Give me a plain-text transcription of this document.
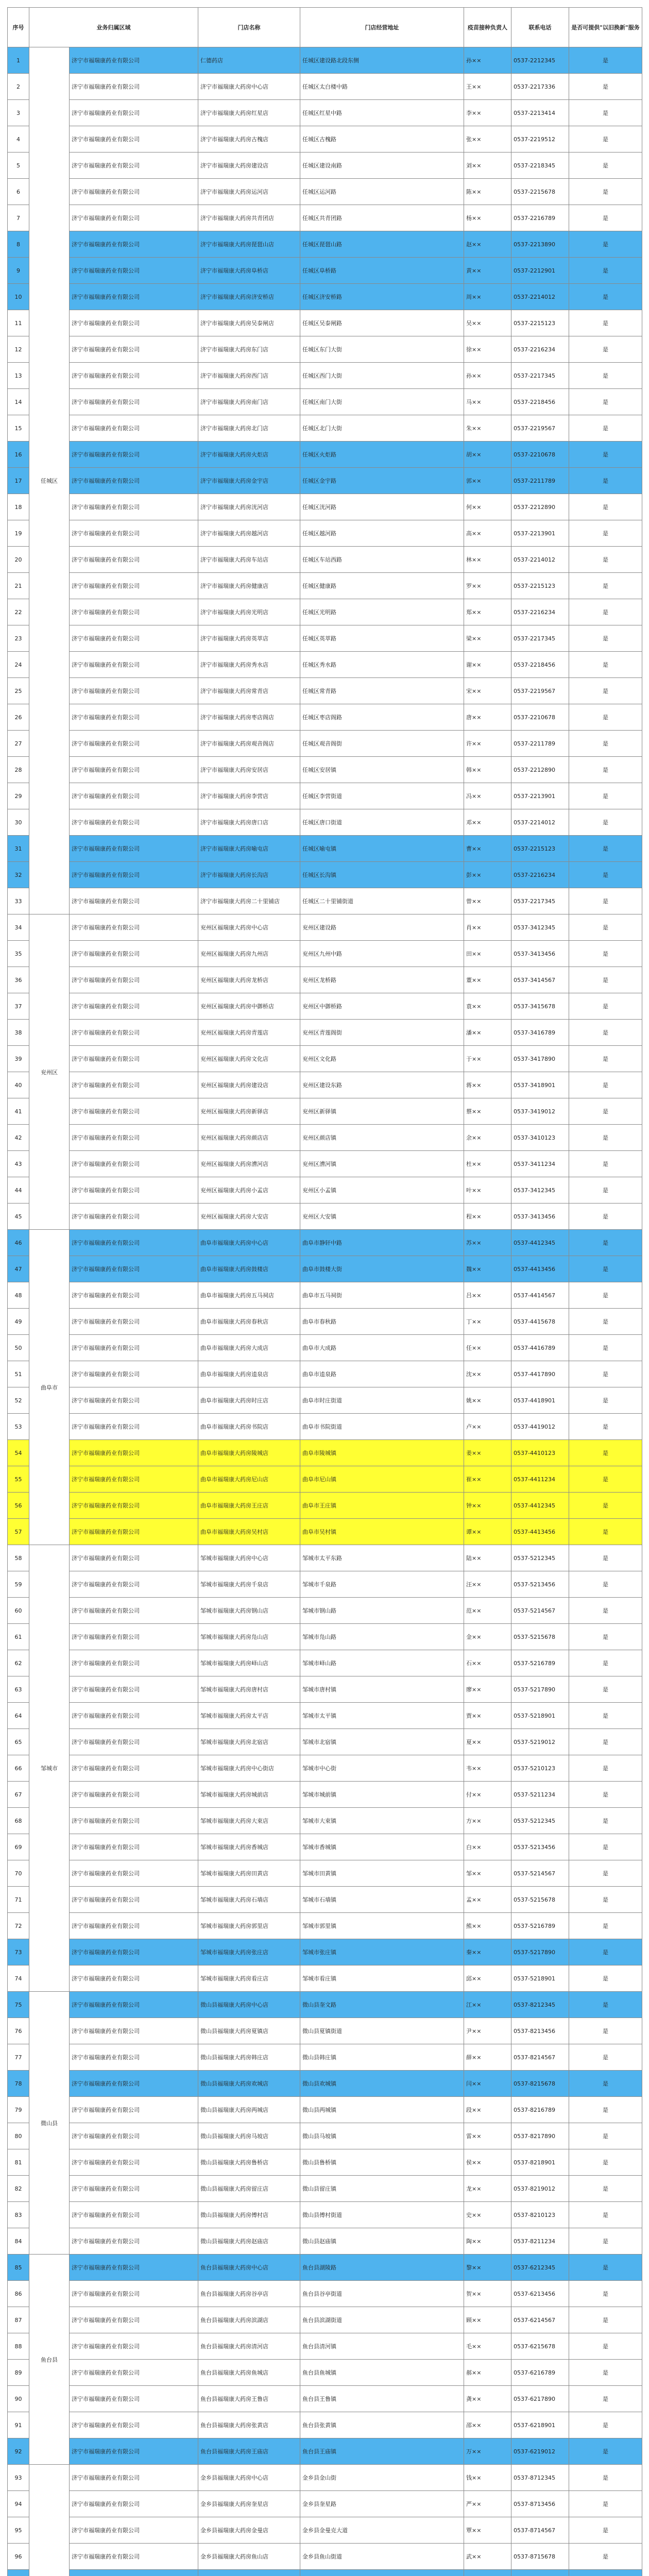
序号	业务归属区域		门店名称	门店经营地址	疫苗接种负责人	联系电话	是否可提供"以旧换新"服务
1	任城区	济宁市福瑞康药业有限公司	仁德药店	任城区建设路北段东侧	孙××	0537-2212345	是
2		济宁市福瑞康药业有限公司	济宁市福瑞康大药房中心店	任城区太白楼中路	王××	0537-2217336	是
3		济宁市福瑞康药业有限公司	济宁市福瑞康大药房红星店	任城区红星中路	李××	0537-2213414	是
4		济宁市福瑞康药业有限公司	济宁市福瑞康大药房古槐店	任城区古槐路	张××	0537-2219512	是
5		济宁市福瑞康药业有限公司	济宁市福瑞康大药房建设店	任城区建设南路	刘××	0537-2218345	是
6		济宁市福瑞康药业有限公司	济宁市福瑞康大药房运河店	任城区运河路	陈××	0537-2215678	是
7		济宁市福瑞康药业有限公司	济宁市福瑞康大药房共青团店	任城区共青团路	杨××	0537-2216789	是
8		济宁市福瑞康药业有限公司	济宁市福瑞康大药房琵琶山店	任城区琵琶山路	赵××	0537-2213890	是
9		济宁市福瑞康药业有限公司	济宁市福瑞康大药房阜桥店	任城区阜桥路	黄××	0537-2212901	是
10		济宁市福瑞康药业有限公司	济宁市福瑞康大药房济安桥店	任城区济安桥路	周××	0537-2214012	是
11		济宁市福瑞康药业有限公司	济宁市福瑞康大药房吴泰闸店	任城区吴泰闸路	吴××	0537-2215123	是
12		济宁市福瑞康药业有限公司	济宁市福瑞康大药房东门店	任城区东门大街	徐××	0537-2216234	是
13		济宁市福瑞康药业有限公司	济宁市福瑞康大药房西门店	任城区西门大街	孙××	0537-2217345	是
14		济宁市福瑞康药业有限公司	济宁市福瑞康大药房南门店	任城区南门大街	马××	0537-2218456	是
15		济宁市福瑞康药业有限公司	济宁市福瑞康大药房北门店	任城区北门大街	朱××	0537-2219567	是
16		济宁市福瑞康药业有限公司	济宁市福瑞康大药房火炬店	任城区火炬路	胡××	0537-2210678	是
17		济宁市福瑞康药业有限公司	济宁市福瑞康大药房金宇店	任城区金宇路	郭××	0537-2211789	是
18		济宁市福瑞康药业有限公司	济宁市福瑞康大药房洸河店	任城区洸河路	何××	0537-2212890	是
19		济宁市福瑞康药业有限公司	济宁市福瑞康大药房越河店	任城区越河路	高××	0537-2213901	是
20		济宁市福瑞康药业有限公司	济宁市福瑞康大药房车站店	任城区车站西路	林××	0537-2214012	是
21		济宁市福瑞康药业有限公司	济宁市福瑞康大药房健康店	任城区健康路	罗××	0537-2215123	是
22		济宁市福瑞康药业有限公司	济宁市福瑞康大药房光明店	任城区光明路	郑××	0537-2216234	是
23		济宁市福瑞康药业有限公司	济宁市福瑞康大药房英萃店	任城区英萃路	梁××	0537-2217345	是
24		济宁市福瑞康药业有限公司	济宁市福瑞康大药房秀水店	任城区秀水路	谢××	0537-2218456	是
25		济宁市福瑞康药业有限公司	济宁市福瑞康大药房常青店	任城区常青路	宋××	0537-2219567	是
26		济宁市福瑞康药业有限公司	济宁市福瑞康大药房枣店阁店	任城区枣店阁路	唐××	0537-2210678	是
27		济宁市福瑞康药业有限公司	济宁市福瑞康大药房观音阁店	任城区观音阁街	许××	0537-2211789	是
28		济宁市福瑞康药业有限公司	济宁市福瑞康大药房安居店	任城区安居镇	韩××	0537-2212890	是
29		济宁市福瑞康药业有限公司	济宁市福瑞康大药房李营店	任城区李营街道	冯××	0537-2213901	是
30		济宁市福瑞康药业有限公司	济宁市福瑞康大药房唐口店	任城区唐口街道	邓××	0537-2214012	是
31		济宁市福瑞康药业有限公司	济宁市福瑞康大药房喻屯店	任城区喻屯镇	曹××	0537-2215123	是
32		济宁市福瑞康药业有限公司	济宁市福瑞康大药房长沟店	任城区长沟镇	彭××	0537-2216234	是
33		济宁市福瑞康药业有限公司	济宁市福瑞康大药房二十里铺店	任城区二十里铺街道	曾××	0537-2217345	是
34	兖州区	济宁市福瑞康药业有限公司	兖州区福瑞康大药房中心店	兖州区建设路	肖××	0537-3412345	是
35		济宁市福瑞康药业有限公司	兖州区福瑞康大药房九州店	兖州区九州中路	田××	0537-3413456	是
36		济宁市福瑞康药业有限公司	兖州区福瑞康大药房龙桥店	兖州区龙桥路	董××	0537-3414567	是
37		济宁市福瑞康药业有限公司	兖州区福瑞康大药房中御桥店	兖州区中御桥路	袁××	0537-3415678	是
38		济宁市福瑞康药业有限公司	兖州区福瑞康大药房青莲店	兖州区青莲阁街	潘××	0537-3416789	是
39		济宁市福瑞康药业有限公司	兖州区福瑞康大药房文化店	兖州区文化路	于××	0537-3417890	是
40		济宁市福瑞康药业有限公司	兖州区福瑞康大药房建设店	兖州区建设东路	蒋××	0537-3418901	是
41		济宁市福瑞康药业有限公司	兖州区福瑞康大药房新驿店	兖州区新驿镇	蔡××	0537-3419012	是
42		济宁市福瑞康药业有限公司	兖州区福瑞康大药房颜店店	兖州区颜店镇	余××	0537-3410123	是
43		济宁市福瑞康药业有限公司	兖州区福瑞康大药房漕河店	兖州区漕河镇	杜××	0537-3411234	是
44		济宁市福瑞康药业有限公司	兖州区福瑞康大药房小孟店	兖州区小孟镇	叶××	0537-3412345	是
45		济宁市福瑞康药业有限公司	兖州区福瑞康大药房大安店	兖州区大安镇	程××	0537-3413456	是
46	曲阜市	济宁市福瑞康药业有限公司	曲阜市福瑞康大药房中心店	曲阜市静轩中路	苏××	0537-4412345	是
47		济宁市福瑞康药业有限公司	曲阜市福瑞康大药房鼓楼店	曲阜市鼓楼大街	魏××	0537-4413456	是
48		济宁市福瑞康药业有限公司	曲阜市福瑞康大药房五马祠店	曲阜市五马祠街	吕××	0537-4414567	是
49		济宁市福瑞康药业有限公司	曲阜市福瑞康大药房春秋店	曲阜市春秋路	丁××	0537-4415678	是
50		济宁市福瑞康药业有限公司	曲阜市福瑞康大药房大成店	曲阜市大成路	任××	0537-4416789	是
51		济宁市福瑞康药业有限公司	曲阜市福瑞康大药房逵泉店	曲阜市逵泉路	沈××	0537-4417890	是
52		济宁市福瑞康药业有限公司	曲阜市福瑞康大药房时庄店	曲阜市时庄街道	姚××	0537-4418901	是
53		济宁市福瑞康药业有限公司	曲阜市福瑞康大药房书院店	曲阜市书院街道	卢××	0537-4419012	是
54		济宁市福瑞康药业有限公司	曲阜市福瑞康大药房陵城店	曲阜市陵城镇	姜××	0537-4410123	是
55		济宁市福瑞康药业有限公司	曲阜市福瑞康大药房尼山店	曲阜市尼山镇	崔××	0537-4411234	是
56		济宁市福瑞康药业有限公司	曲阜市福瑞康大药房王庄店	曲阜市王庄镇	钟××	0537-4412345	是
57		济宁市福瑞康药业有限公司	曲阜市福瑞康大药房吴村店	曲阜市吴村镇	谭××	0537-4413456	是
58	邹城市	济宁市福瑞康药业有限公司	邹城市福瑞康大药房中心店	邹城市太平东路	陆××	0537-5212345	是
59		济宁市福瑞康药业有限公司	邹城市福瑞康大药房千泉店	邹城市千泉路	汪××	0537-5213456	是
60		济宁市福瑞康药业有限公司	邹城市福瑞康大药房钢山店	邹城市钢山路	范××	0537-5214567	是
61		济宁市福瑞康药业有限公司	邹城市福瑞康大药房凫山店	邹城市凫山路	金××	0537-5215678	是
62		济宁市福瑞康药业有限公司	邹城市福瑞康大药房峄山店	邹城市峄山路	石××	0537-5216789	是
63		济宁市福瑞康药业有限公司	邹城市福瑞康大药房唐村店	邹城市唐村镇	廖××	0537-5217890	是
64		济宁市福瑞康药业有限公司	邹城市福瑞康大药房太平店	邹城市太平镇	贾××	0537-5218901	是
65		济宁市福瑞康药业有限公司	邹城市福瑞康大药房北宿店	邹城市北宿镇	夏××	0537-5219012	是
66		济宁市福瑞康药业有限公司	邹城市福瑞康大药房中心街店	邹城市中心街	韦××	0537-5210123	是
67		济宁市福瑞康药业有限公司	邹城市福瑞康大药房城前店	邹城市城前镇	付××	0537-5211234	是
68		济宁市福瑞康药业有限公司	邹城市福瑞康大药房大束店	邹城市大束镇	方××	0537-5212345	是
69		济宁市福瑞康药业有限公司	邹城市福瑞康大药房香城店	邹城市香城镇	白××	0537-5213456	是
70		济宁市福瑞康药业有限公司	邹城市福瑞康大药房田黄店	邹城市田黄镇	邹××	0537-5214567	是
71		济宁市福瑞康药业有限公司	邹城市福瑞康大药房石墙店	邹城市石墙镇	孟××	0537-5215678	是
72		济宁市福瑞康药业有限公司	邹城市福瑞康大药房郭里店	邹城市郭里镇	熊××	0537-5216789	是
73		济宁市福瑞康药业有限公司	邹城市福瑞康大药房张庄店	邹城市张庄镇	秦××	0537-5217890	是
74		济宁市福瑞康药业有限公司	邹城市福瑞康大药房看庄店	邹城市看庄镇	邱××	0537-5218901	是
75	微山县	济宁市福瑞康药业有限公司	微山县福瑞康大药房中心店	微山县奎文路	江××	0537-8212345	是
76		济宁市福瑞康药业有限公司	微山县福瑞康大药房夏镇店	微山县夏镇街道	尹××	0537-8213456	是
77		济宁市福瑞康药业有限公司	微山县福瑞康大药房韩庄店	微山县韩庄镇	薛××	0537-8214567	是
78		济宁市福瑞康药业有限公司	微山县福瑞康大药房欢城店	微山县欢城镇	闫××	0537-8215678	是
79		济宁市福瑞康药业有限公司	微山县福瑞康大药房两城店	微山县两城镇	段××	0537-8216789	是
80		济宁市福瑞康药业有限公司	微山县福瑞康大药房马坡店	微山县马坡镇	雷××	0537-8217890	是
81		济宁市福瑞康药业有限公司	微山县福瑞康大药房鲁桥店	微山县鲁桥镇	侯××	0537-8218901	是
82		济宁市福瑞康药业有限公司	微山县福瑞康大药房留庄店	微山县留庄镇	龙××	0537-8219012	是
83		济宁市福瑞康药业有限公司	微山县福瑞康大药房傅村店	微山县傅村街道	史××	0537-8210123	是
84		济宁市福瑞康药业有限公司	微山县福瑞康大药房赵庙店	微山县赵庙镇	陶××	0537-8211234	是
85	鱼台县	济宁市福瑞康药业有限公司	鱼台县福瑞康大药房中心店	鱼台县湖陵路	黎××	0537-6212345	是
86		济宁市福瑞康药业有限公司	鱼台县福瑞康大药房谷亭店	鱼台县谷亭街道	贺××	0537-6213456	是
87		济宁市福瑞康药业有限公司	鱼台县福瑞康大药房滨湖店	鱼台县滨湖街道	顾××	0537-6214567	是
88		济宁市福瑞康药业有限公司	鱼台县福瑞康大药房清河店	鱼台县清河镇	毛××	0537-6215678	是
89		济宁市福瑞康药业有限公司	鱼台县福瑞康大药房鱼城店	鱼台县鱼城镇	郝××	0537-6216789	是
90		济宁市福瑞康药业有限公司	鱼台县福瑞康大药房王鲁店	鱼台县王鲁镇	龚××	0537-6217890	是
91		济宁市福瑞康药业有限公司	鱼台县福瑞康大药房张黄店	鱼台县张黄镇	邵××	0537-6218901	是
92		济宁市福瑞康药业有限公司	鱼台县福瑞康大药房王庙店	鱼台县王庙镇	万××	0537-6219012	是
93		济宁市福瑞康药业有限公司	金乡县福瑞康大药房中心店	金乡县金山街	钱××	0537-8712345	是
94		济宁市福瑞康药业有限公司	金乡县福瑞康大药房奎星店	金乡县奎星路	严××	0537-8713456	是
95		济宁市福瑞康药业有限公司	金乡县福瑞康大药房金曼店	金乡县金曼克大道	覃××	0537-8714567	是
96		济宁市福瑞康药业有限公司	金乡县福瑞康大药房鱼山店	金乡县鱼山街道	武××	0537-8715678	是
